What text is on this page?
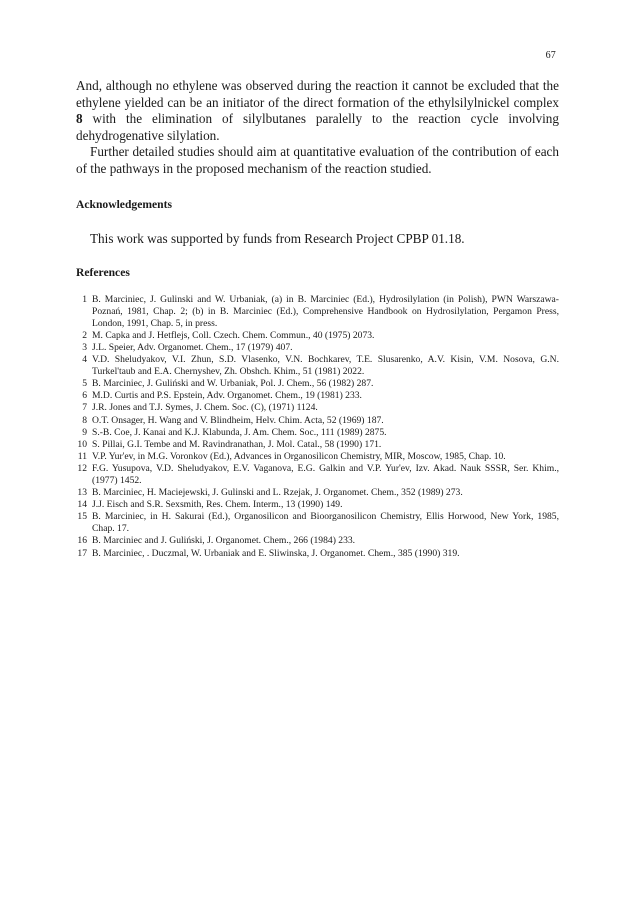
67

And, although no ethylene was observed during the reaction it cannot be excluded that the ethylene yielded can be an initiator of the direct formation of the ethylsilylnickel complex 8 with the elimination of silylbutanes paralelly to the reaction cycle involving dehydrogenative silylation.

Further detailed studies should aim at quantitative evaluation of the contribution of each of the pathways in the proposed mechanism of the reaction studied.

Acknowledgements

This work was supported by funds from Research Project CPBP 01.18.

References
1 B. Marciniec, J. Gulinski and W. Urbaniak, (a) in B. Marciniec (Ed.), Hydrosilylation (in Polish), PWN Warszawa-Poznań, 1981, Chap. 2; (b) in B. Marciniec (Ed.), Comprehensive Handbook on Hydrosilylation, Pergamon Press, London, 1991, Chap. 5, in press.
2 M. Capka and J. Hetflejs, Coll. Czech. Chem. Commun., 40 (1975) 2073.
3 J.L. Speier, Adv. Organomet. Chem., 17 (1979) 407.
4 V.D. Sheludyakov, V.I. Zhun, S.D. Vlasenko, V.N. Bochkarev, T.E. Slusarenko, A.V. Kisin, V.M. Nosova, G.N. Turkel'taub and E.A. Chernyshev, Zh. Obshch. Khim., 51 (1981) 2022.
5 B. Marciniec, J. Guliński and W. Urbaniak, Pol. J. Chem., 56 (1982) 287.
6 M.D. Curtis and P.S. Epstein, Adv. Organomet. Chem., 19 (1981) 233.
7 J.R. Jones and T.J. Symes, J. Chem. Soc. (C), (1971) 1124.
8 O.T. Onsager, H. Wang and V. Blindheim, Helv. Chim. Acta, 52 (1969) 187.
9 S.-B. Coe, J. Kanai and K.J. Klabunda, J. Am. Chem. Soc., 111 (1989) 2875.
10 S. Pillai, G.I. Tembe and M. Ravindranathan, J. Mol. Catal., 58 (1990) 171.
11 V.P. Yur'ev, in M.G. Voronkov (Ed.), Advances in Organosilicon Chemistry, MIR, Moscow, 1985, Chap. 10.
12 F.G. Yusupova, V.D. Sheludyakov, E.V. Vaganova, E.G. Galkin and V.P. Yur'ev, Izv. Akad. Nauk SSSR, Ser. Khim., (1977) 1452.
13 B. Marciniec, H. Maciejewski, J. Gulinski and L. Rzejak, J. Organomet. Chem., 352 (1989) 273.
14 J.J. Eisch and S.R. Sexsmith, Res. Chem. Interm., 13 (1990) 149.
15 B. Marciniec, in H. Sakurai (Ed.), Organosilicon and Bioorganosilicon Chemistry, Ellis Horwood, New York, 1985, Chap. 17.
16 B. Marciniec and J. Guliński, J. Organomet. Chem., 266 (1984) 233.
17 B. Marciniec, . Duczmal, W. Urbaniak and E. Sliwinska, J. Organomet. Chem., 385 (1990) 319.
